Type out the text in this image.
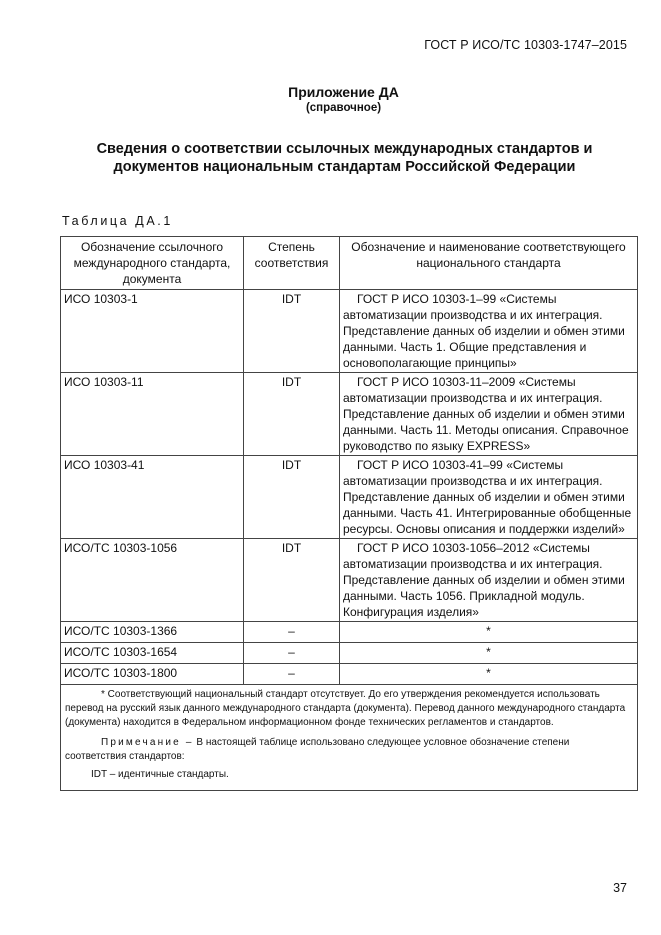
ГОСТ Р ИСО/ТС 10303-1747–2015
Приложение ДА
(справочное)
Сведения о соответствии ссылочных международных стандартов и документов национальным стандартам Российской Федерации
Таблица ДА.1
Обозначение ссылочного международного стандарта, документа	Степень соответствия	Обозначение и наименование соответствующего национального стандарта
ИСО 10303-1	IDT	ГОСТ Р ИСО 10303-1–99 «Системы автоматизации производства и их интеграция. Представление данных об изделии и обмен этими данными. Часть 1. Общие представления и основополагающие принципы»
ИСО 10303-11	IDT	ГОСТ Р ИСО 10303-11–2009 «Системы автоматизации производства и их интеграция. Представление данных об изделии и обмен этими данными. Часть 11. Методы описания. Справочное руководство по языку EXPRESS»
ИСО 10303-41	IDT	ГОСТ Р ИСО 10303-41–99 «Системы автоматизации производства и их интеграция. Представление данных об изделии и обмен этими данными. Часть 41. Интегрированные обобщенные ресурсы. Основы описания и поддержки изделий»
ИСО/ТС 10303-1056	IDT	ГОСТ Р ИСО 10303-1056–2012 «Системы автоматизации производства и их интеграция. Представление данных об изделии и обмен этими данными. Часть 1056. Прикладной модуль. Конфигурация изделия»
ИСО/ТС 10303-1366	–	*
ИСО/ТС 10303-1654	–	*
ИСО/ТС 10303-1800	–	*

* Соответствующий национальный стандарт отсутствует. До его утверждения рекомендуется использовать перевод на русский язык данного международного стандарта (документа). Перевод данного международного стандарта (документа) находится в Федеральном информационном фонде технических регламентов и стандартов.

Примечание – В настоящей таблице использовано следующее условное обозначение степени соответствия стандартов:

IDT – идентичные стандарты.		

37
